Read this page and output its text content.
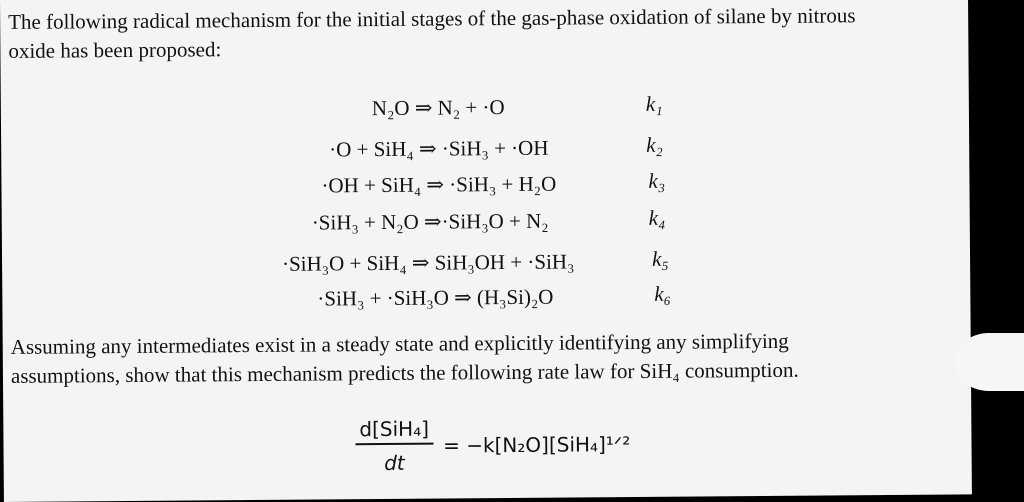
The following radical mechanism for the initial stages of the gas-phase oxidation of silane by nitrous
oxide has been proposed:

N₂O ⇒ N₂ + ·O	k₁
·O + SiH₄ ⇒ ·SiH₃ + ·OH	k₂
·OH + SiH₄ ⇒ ·SiH₃ + H₂O	k₃
·SiH₃ + N₂O ⇒·SiH₃O + N₂	k₄
·SiH₃O + SiH₄ ⇒ SiH₃OH + ·SiH₃	k₅
·SiH₃ + ·SiH₃O ⇒ (H₃Si)₂O	k₆

Assuming any intermediates exist in a steady state and explicitly identifying any simplifying
assumptions, show that this mechanism predicts the following rate law for SiH₄ consumption.

$\frac{\text{d[SiH₄]}}{dt}$ = −k[N₂O][SiH₄]¹ᐟ²
